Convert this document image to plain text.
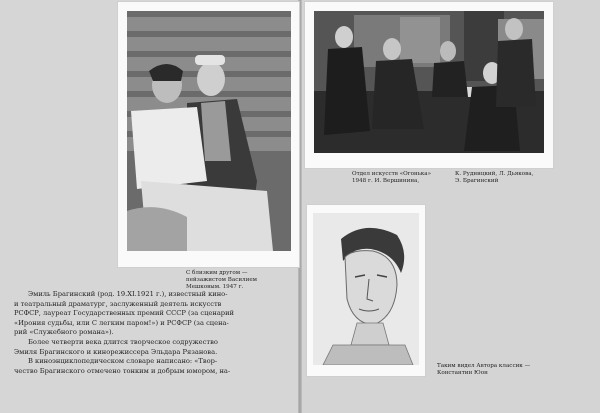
С близким другом —
пейзажистом Василием
Мешковым. 1947 г.

Эмиль Брагинский (род. 19.XI.1921 г.), известный кино-

и театральный драматург, заслуженный деятель искусств

РСФСР, лауреат Государственных премий СССР (за сценарий

«Ирония судьбы, или С легким паром!») и РСФСР (за сцена-

рий «Служебного романа»).

Более четверти века длится творческое содружество

Эмиля Брагинского и кинорежиссера Эльдара Рязанова.

В киноэнциклопедическом словаре написано: «Твор-

чество Брагинского отмечено тонким и добрым юмором, на-

Отдел искусств «Огонька»
1948 г. И. Вершинина,
К. Рудницкий, Л. Дьякова,
Э. Брагинский
Таким видел Автора классик —
Константин Юон
